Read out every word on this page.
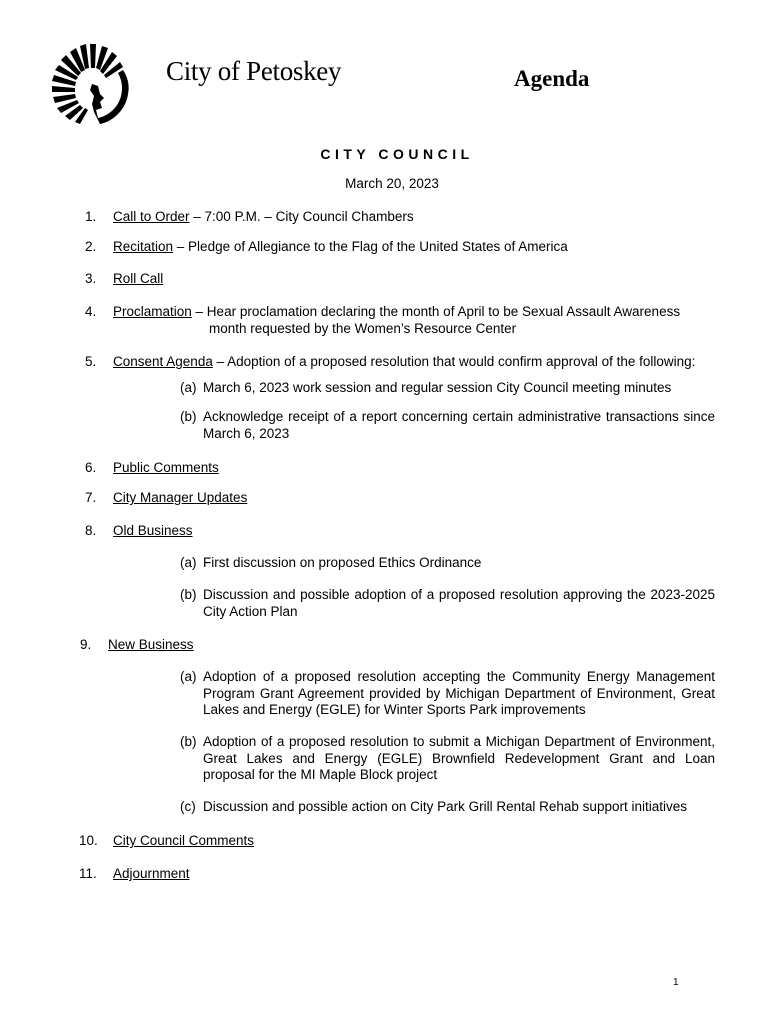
City of Petoskey	Agenda
CITY COUNCIL
March 20, 2023
1. Call to Order – 7:00 P.M. – City Council Chambers
2. Recitation – Pledge of Allegiance to the Flag of the United States of America
3. Roll Call
4. Proclamation – Hear proclamation declaring the month of April to be Sexual Assault Awareness
month requested by the Women’s Resource Center
5. Consent Agenda – Adoption of a proposed resolution that would confirm approval of the following:
(a) March 6, 2023 work session and regular session City Council meeting minutes
(b) Acknowledge receipt of a report concerning certain administrative transactions since March 6, 2023
6. Public Comments
7. City Manager Updates
8. Old Business
(a) First discussion on proposed Ethics Ordinance
(b) Discussion and possible adoption of a proposed resolution approving the 2023-2025 City Action Plan
9. New Business
(a) Adoption of a proposed resolution accepting the Community Energy Management Program Grant Agreement provided by Michigan Department of Environment, Great Lakes and Energy (EGLE) for Winter Sports Park improvements
(b) Adoption of a proposed resolution to submit a Michigan Department of Environment, Great Lakes and Energy (EGLE) Brownfield Redevelopment Grant and Loan proposal for the MI Maple Block project
(c) Discussion and possible action on City Park Grill Rental Rehab support initiatives
10. City Council Comments
11. Adjournment
1
